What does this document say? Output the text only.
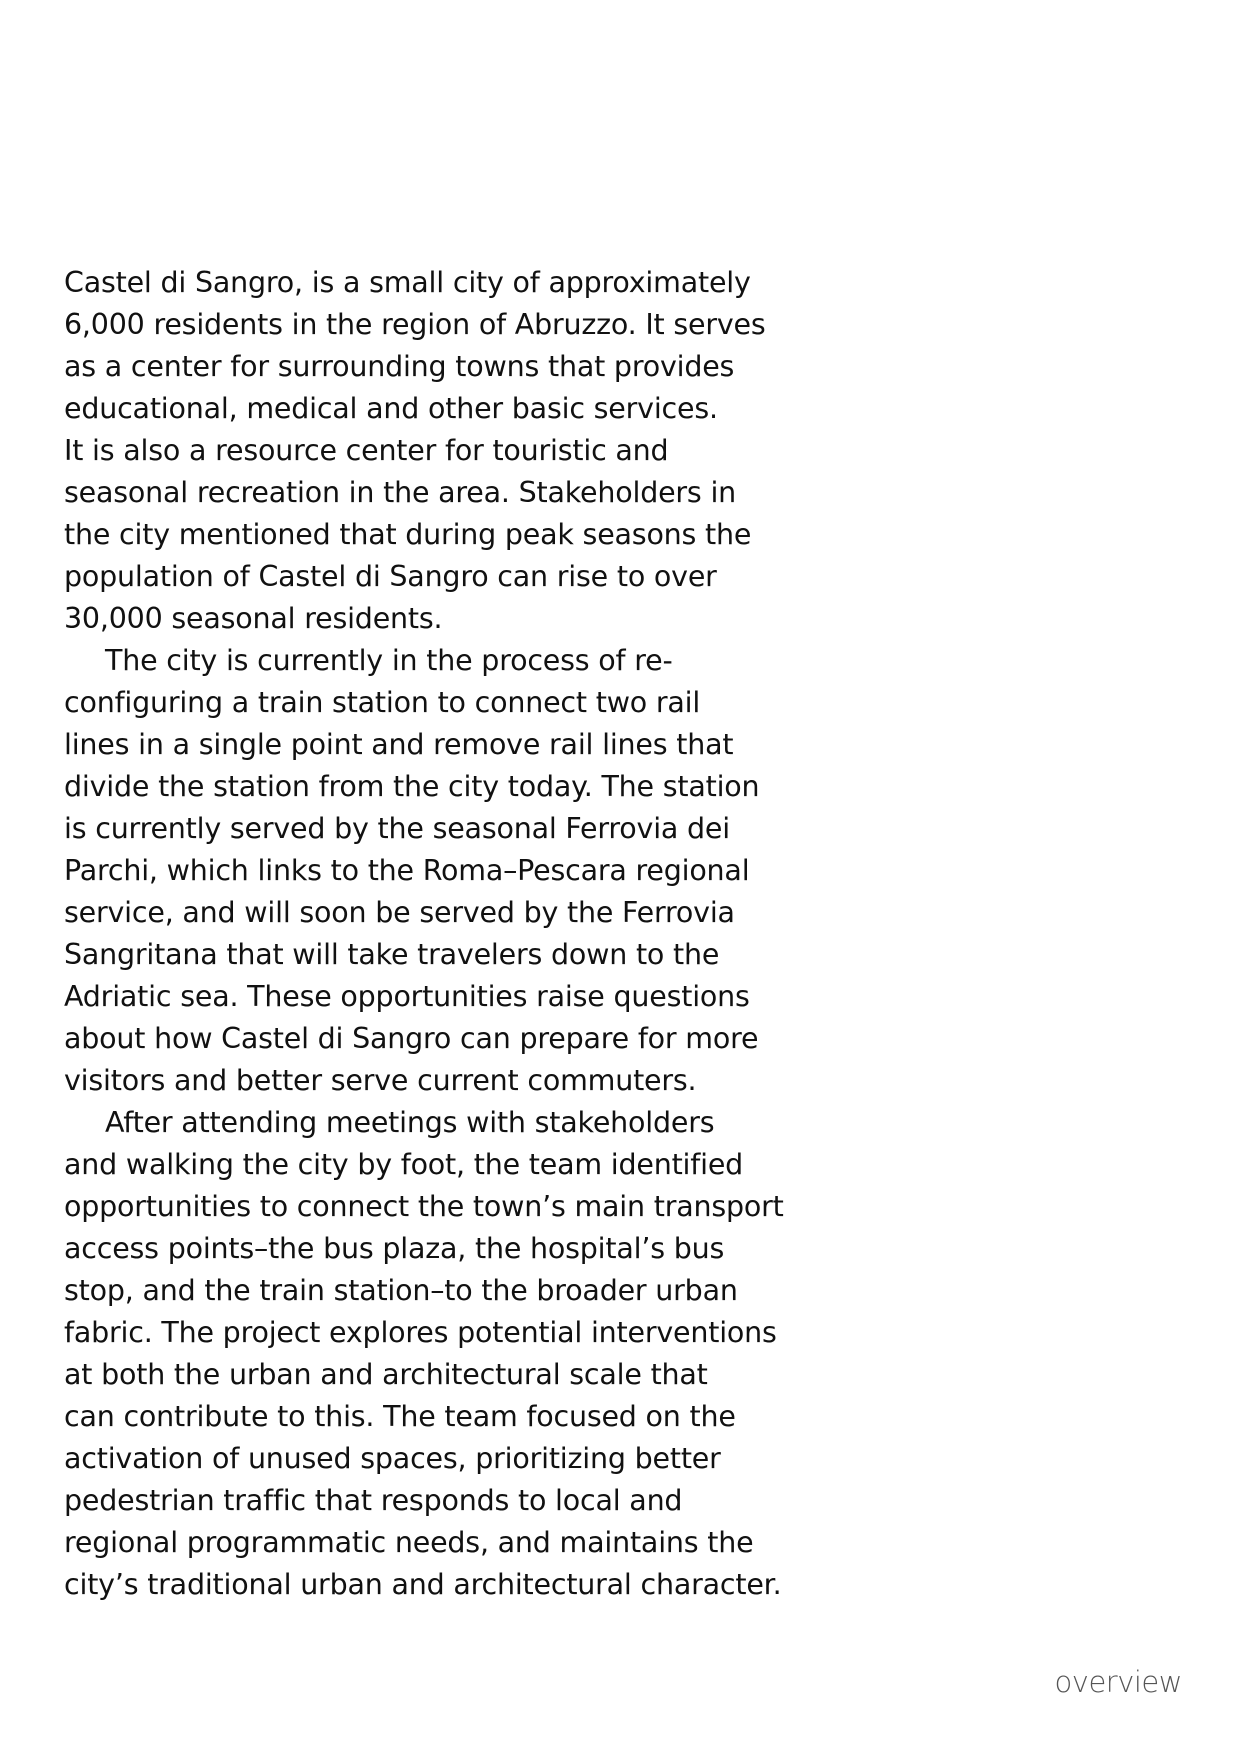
Castel di Sangro, is a small city of approximately
6,000 residents in the region of Abruzzo. It serves
as a center for surrounding towns that provides
educational, medical and other basic services.
It is also a resource center for touristic and
seasonal recreation in the area. Stakeholders in
the city mentioned that during peak seasons the
population of Castel di Sangro can rise to over
30,000 seasonal residents.

The city is currently in the process of re-
configuring a train station to connect two rail
lines in a single point and remove rail lines that
divide the station from the city today. The station
is currently served by the seasonal Ferrovia dei
Parchi, which links to the Roma–Pescara regional
service, and will soon be served by the Ferrovia
Sangritana that will take travelers down to the
Adriatic sea. These opportunities raise questions
about how Castel di Sangro can prepare for more
visitors and better serve current commuters.

After attending meetings with stakeholders
and walking the city by foot, the team identified
opportunities to connect the town’s main transport
access points–the bus plaza, the hospital’s bus
stop, and the train station–to the broader urban
fabric. The project explores potential interventions
at both the urban and architectural scale that
can contribute to this. The team focused on the
activation of unused spaces, prioritizing better
pedestrian traffic that responds to local and
regional programmatic needs, and maintains the
city’s traditional urban and architectural character.

overview
